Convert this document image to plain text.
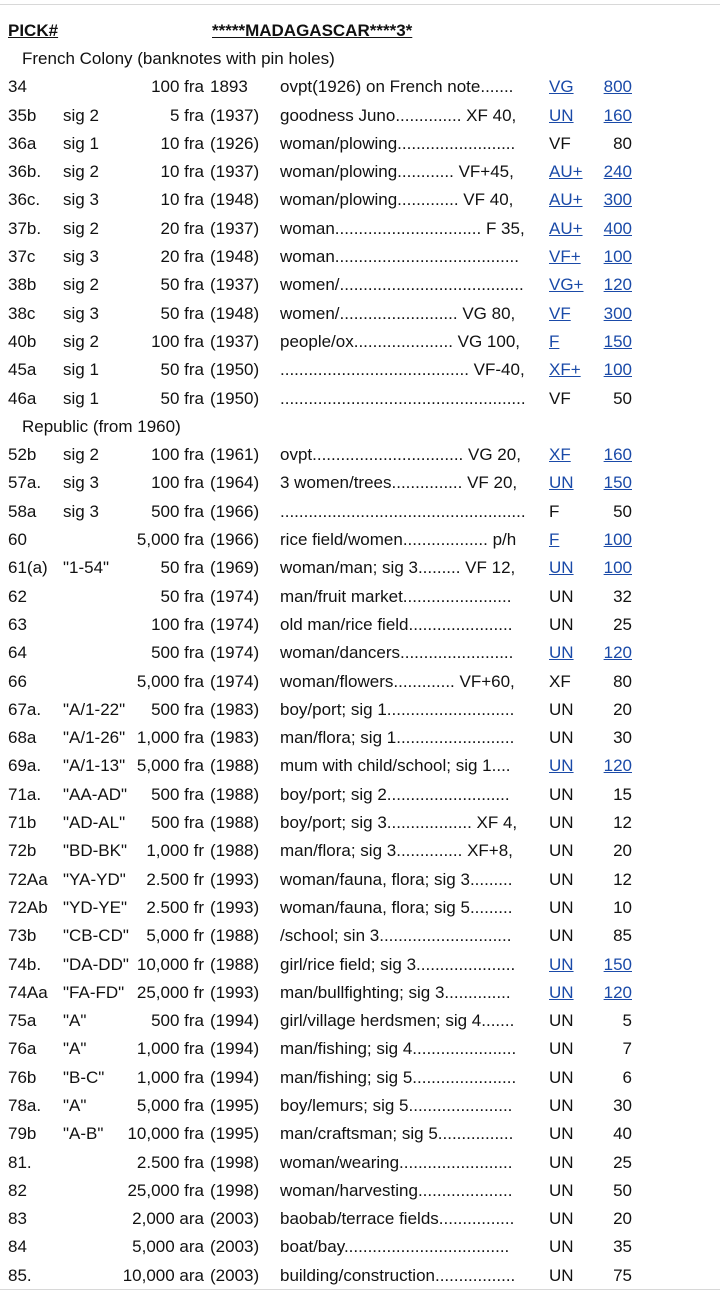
PICK#	*****MADAGASCAR****3*
French Colony (banknotes with pin holes)
34	100 fra 1893 ovpt(1926) on French note....... VG	800
35b sig 2	5 fra (1937) goodness Juno.............. XF 40, UN	160
36a sig 1	10 fra (1926) woman/plowing......................... VF	80
36b. sig 2	10 fra (1937) woman/plowing............ VF+45, AU+	240
36c. sig 3	10 fra (1948) woman/plowing............. VF 40, AU+	300
37b. sig 2	20 fra (1937) woman............................... F 35, AU+	400
37c sig 3	20 fra (1948) woman....................................... VF+	100
38b sig 2	50 fra (1937) women/....................................... VG+	120
38c sig 3	50 fra (1948) women/......................... VG 80, VF	300
40b sig 2	100 fra (1937) people/ox..................... VG 100, F	150
45a sig 1	50 fra (1950) ........................................ VF-40, XF+	100
46a sig 1	50 fra (1950) .................................................... VF	50
Republic (from 1960)
52b sig 2	100 fra (1961) ovpt................................ VG 20, XF	160
57a. sig 3	100 fra (1964) 3 women/trees............... VF 20, UN	150
58a sig 3	500 fra (1966) .................................................... F	50
60	5,000 fra (1966) rice field/women.................. p/h F	100
61(a) "1-54"	50 fra (1969) woman/man; sig 3......... VF 12, UN	100
62	50 fra (1974) man/fruit market....................... UN	32
63	100 fra (1974) old man/rice field...................... UN	25
64	500 fra (1974) woman/dancers........................ UN	120
66	5,000 fra (1974) woman/flowers............. VF+60, XF	80
67a. "A/1-22"	500 fra (1983) boy/port; sig 1........................... UN	20
68a "A/1-26" 1,000 fra (1983) man/flora; sig 1......................... UN	30
69a. "A/1-13" 5,000 fra (1988) mum with child/school; sig 1.... UN	120
71a. "AA-AD"	500 fra (1988) boy/port; sig 2.......................... UN	15
71b "AD-AL"	500 fra (1988) boy/port; sig 3.................. XF 4, UN	12
72b "BD-BK"	1,000 fr (1988) man/flora; sig 3.............. XF+8, UN	20
72Aa "YA-YD"	2.500 fr (1993) woman/fauna, flora; sig 3......... UN	12
72Ab "YD-YE"	2.500 fr (1993) woman/fauna, flora; sig 5......... UN	10
73b "CB-CD"	5,000 fr (1988) /school; sin 3............................ UN	85
74b. "DA-DD" 10,000 fr (1988) girl/rice field; sig 3..................... UN	150
74Aa "FA-FD" 25,000 fr (1993) man/bullfighting; sig 3.............. UN	120
75a "A"	500 fra (1994) girl/village herdsmen; sig 4....... UN	5
76a "A"	1,000 fra (1994) man/fishing; sig 4...................... UN	7
76b "B-C"	1,000 fra (1994) man/fishing; sig 5...................... UN	6
78a. "A"	5,000 fra (1995) boy/lemurs; sig 5...................... UN	30
79b "A-B"	10,000 fra (1995) man/craftsman; sig 5................ UN	40
81.	2.500 fra (1998) woman/wearing........................ UN	25
82	25,000 fra (1998) woman/harvesting.................... UN	50
83	2,000 ara (2003) baobab/terrace fields................ UN	20
84	5,000 ara (2003) boat/bay................................... UN	35
85.	10,000 ara (2003) building/construction................. UN	75
